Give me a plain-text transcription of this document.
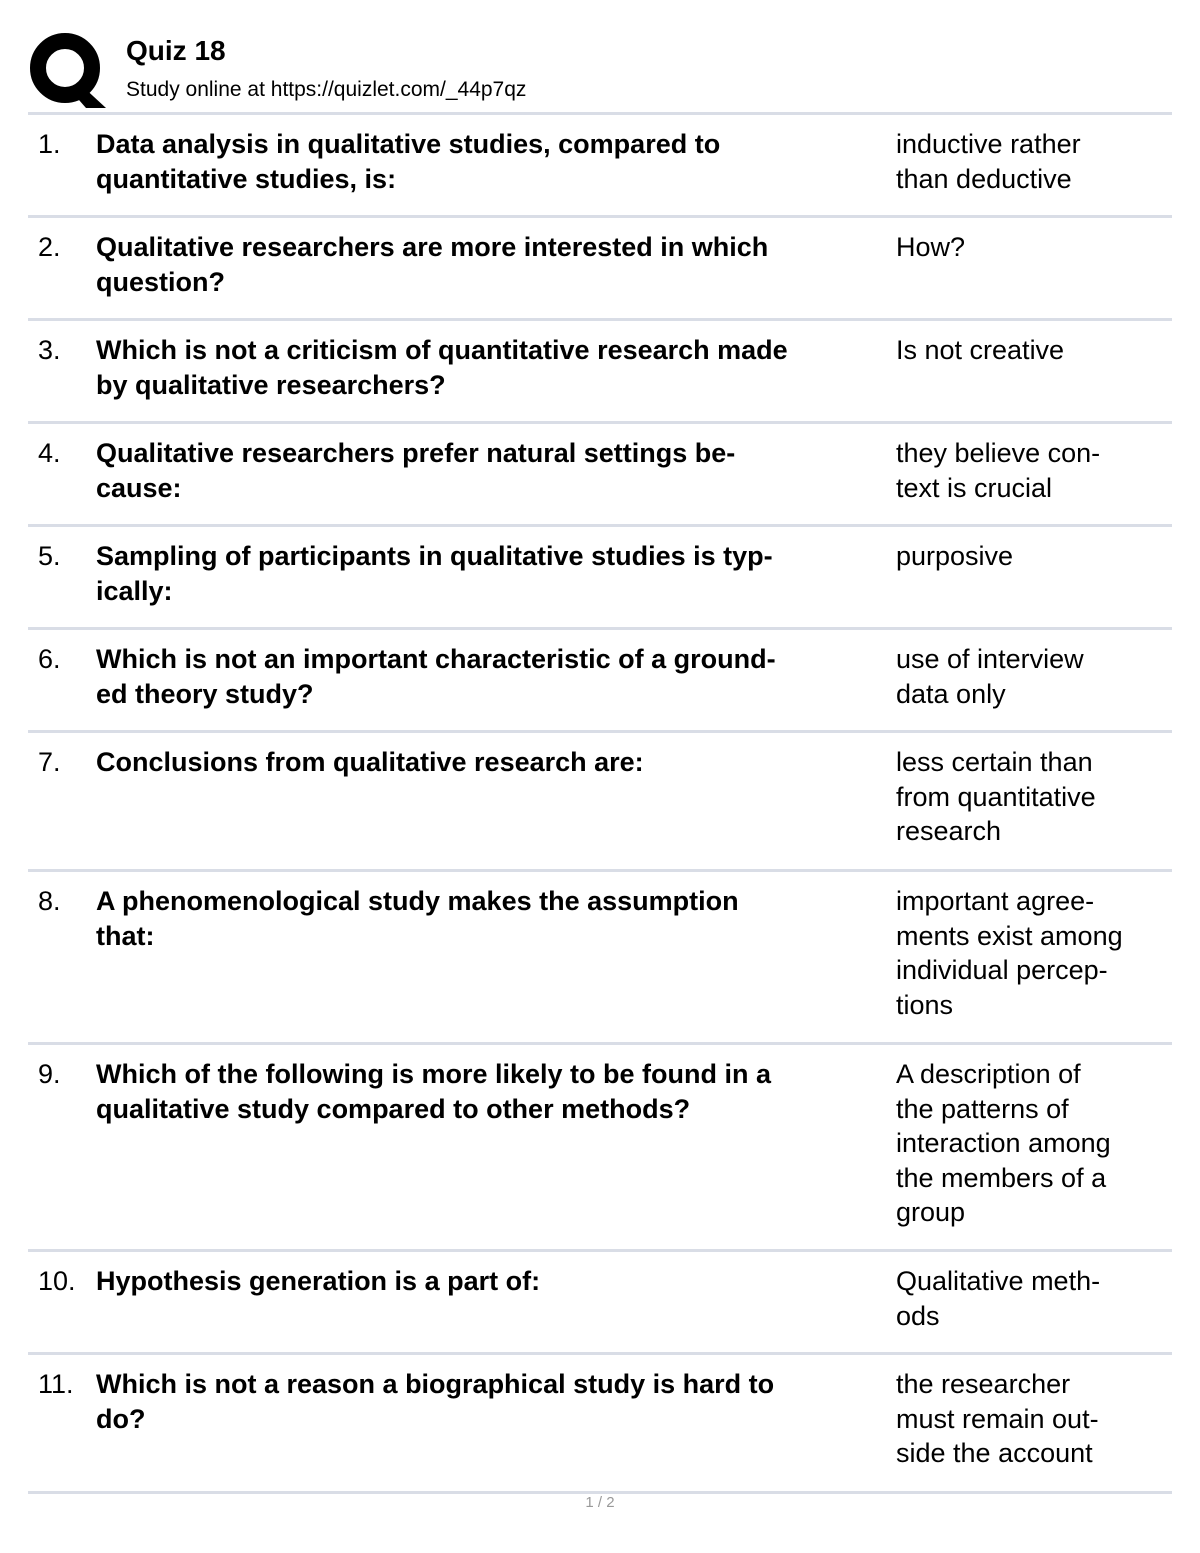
Quiz 18
Study online at https://quizlet.com/_44p7qz
1. Data analysis in qualitative studies, compared to
quantitative studies, is:
inductive rather
than deductive
2. Qualitative researchers are more interested in which
question?
How?
3. Which is not a criticism of quantitative research made
by qualitative researchers?
Is not creative
4. Qualitative researchers prefer natural settings be-
cause:
they believe con-
text is crucial
5. Sampling of participants in qualitative studies is typ-
ically:
purposive
6. Which is not an important characteristic of a ground-
ed theory study?
use of interview
data only
7. Conclusions from qualitative research are:	less certain than
from quantitative
research
8. A phenomenological study makes the assumption
that:
important agree-
ments exist among
individual percep-
tions
9. Which of the following is more likely to be found in a
qualitative study compared to other methods?
A description of
the patterns of
interaction among
the members of a
group
10. Hypothesis generation is a part of:	Qualitative meth-
ods
11. Which is not a reason a biographical study is hard to
do?
the researcher
must remain out-
side the account
1 / 2
